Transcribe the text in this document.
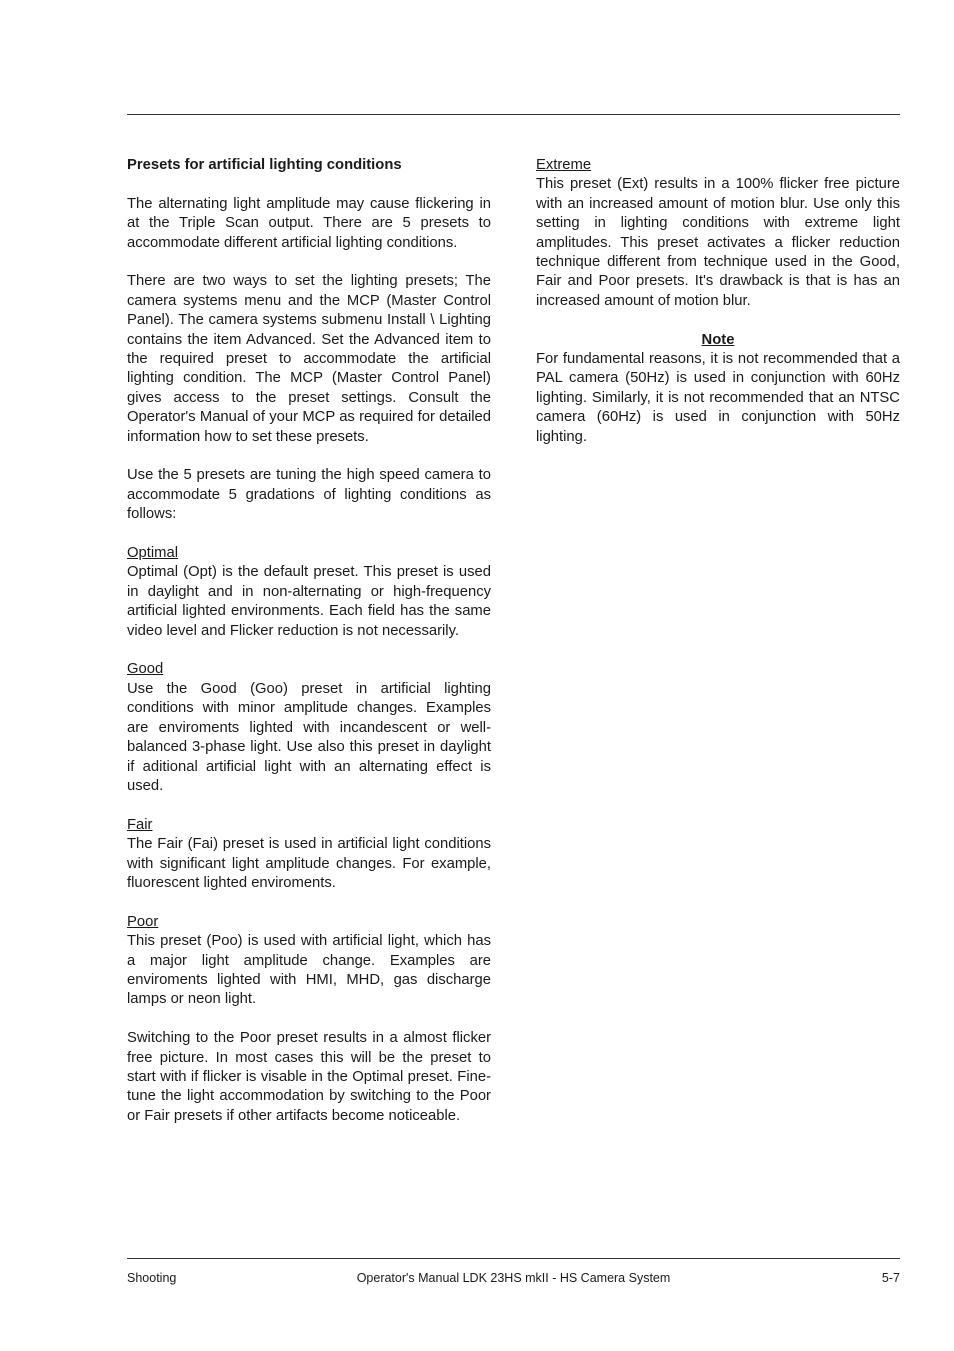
Presets for artificial lighting conditions

The alternating light amplitude may cause flickering in at the Triple Scan output. There are 5 presets to accommodate different artificial lighting conditions.

There are two ways to set the lighting presets; The camera systems menu and the MCP (Master Control Panel). The camera systems submenu Install \ Lighting contains the item Advanced. Set the Advanced item to the required preset to accommodate the artificial lighting condition. The MCP (Master Control Panel) gives access to the preset settings. Consult the Operator's Manual of your MCP as required for detailed information how to set these presets.

Use the 5 presets are tuning the high speed camera to accommodate 5 gradations of lighting conditions as follows:

Optimal

Optimal (Opt) is the default preset. This preset is used in daylight and in non-alternating or high-frequency artificial lighted environments. Each field has the same video level and Flicker reduction is not necessarily.

Good

Use the Good (Goo) preset in artificial lighting conditions with minor amplitude changes. Examples are enviroments lighted with incandescent or well-balanced 3-phase light. Use also this preset in daylight if aditional artificial light with an alternating effect is used.

Fair

The Fair (Fai) preset is used in artificial light conditions with significant light amplitude changes. For example, fluorescent lighted enviroments.

Poor

This preset (Poo) is used with artificial light, which has a major light amplitude change. Examples are enviroments lighted with HMI, MHD, gas discharge lamps or neon light.

Switching to the Poor preset results in a almost flicker free picture. In most cases this will be the preset to start with if flicker is visable in the Optimal preset. Fine- tune the light accommodation by switching to the Poor or Fair presets if other artifacts become noticeable.

Extreme

This preset (Ext) results in a 100% flicker free picture with an increased amount of motion blur. Use only this setting in lighting conditions with extreme light amplitudes. This preset activates a flicker reduction technique different from technique used in the Good, Fair and Poor presets. It's drawback is that is has an increased amount of motion blur.

Note

For fundamental reasons, it is not recommended that a PAL camera (50Hz) is used in conjunction with 60Hz lighting. Similarly, it is not recommended that an NTSC camera (60Hz) is used in conjunction with 50Hz lighting.

Shooting	Operator's Manual LDK 23HS mkII - HS Camera System	5-7
